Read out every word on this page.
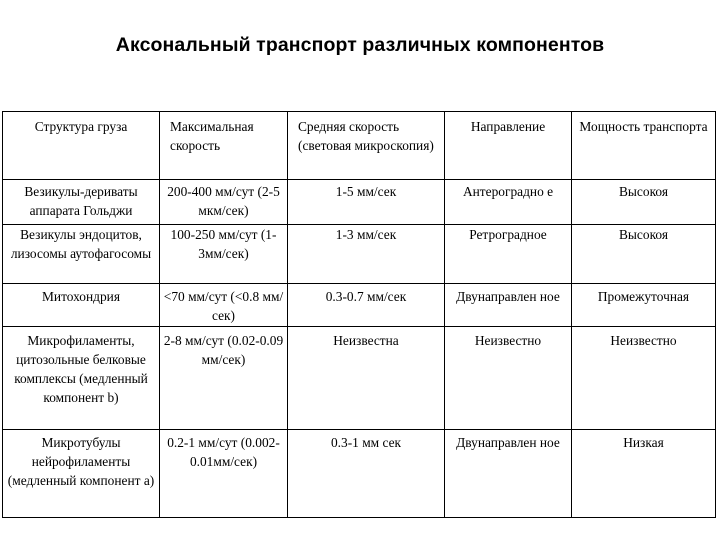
Аксональный транспорт различных компонентов
Структура груза	Максимальная скорость	Средняя скорость (световая микроскопия)	Направление	Мощность транспорта
Везикулы-дериваты аппарата Гольджи	200-400 мм/сут (2-5 мкм/сек)	1-5 мм/сек	Антероградно е	Высокоя
Везикулы эндоцитов, лизосомы аутофагосомы	100-250 мм/сут (1-3мм/сек)	1-3 мм/сек	Ретроградное	Высокоя
Митохондрия	<70 мм/сут (<0.8 мм/сек)	0.3-0.7 мм/сек	Двунаправлен ное	Промежуточная
Микрофиламенты, цитозольные белковые комплексы (медленный компонент b)	2-8 мм/сут (0.02-0.09 мм/сек)	Неизвестна	Неизвестно	Неизвестно
Микротубулы нейрофиламенты (медленный компонент а)	0.2-1 мм/сут (0.002- 0.01мм/сек)	0.3-1 мм сек	Двунаправлен ное	Низкая
